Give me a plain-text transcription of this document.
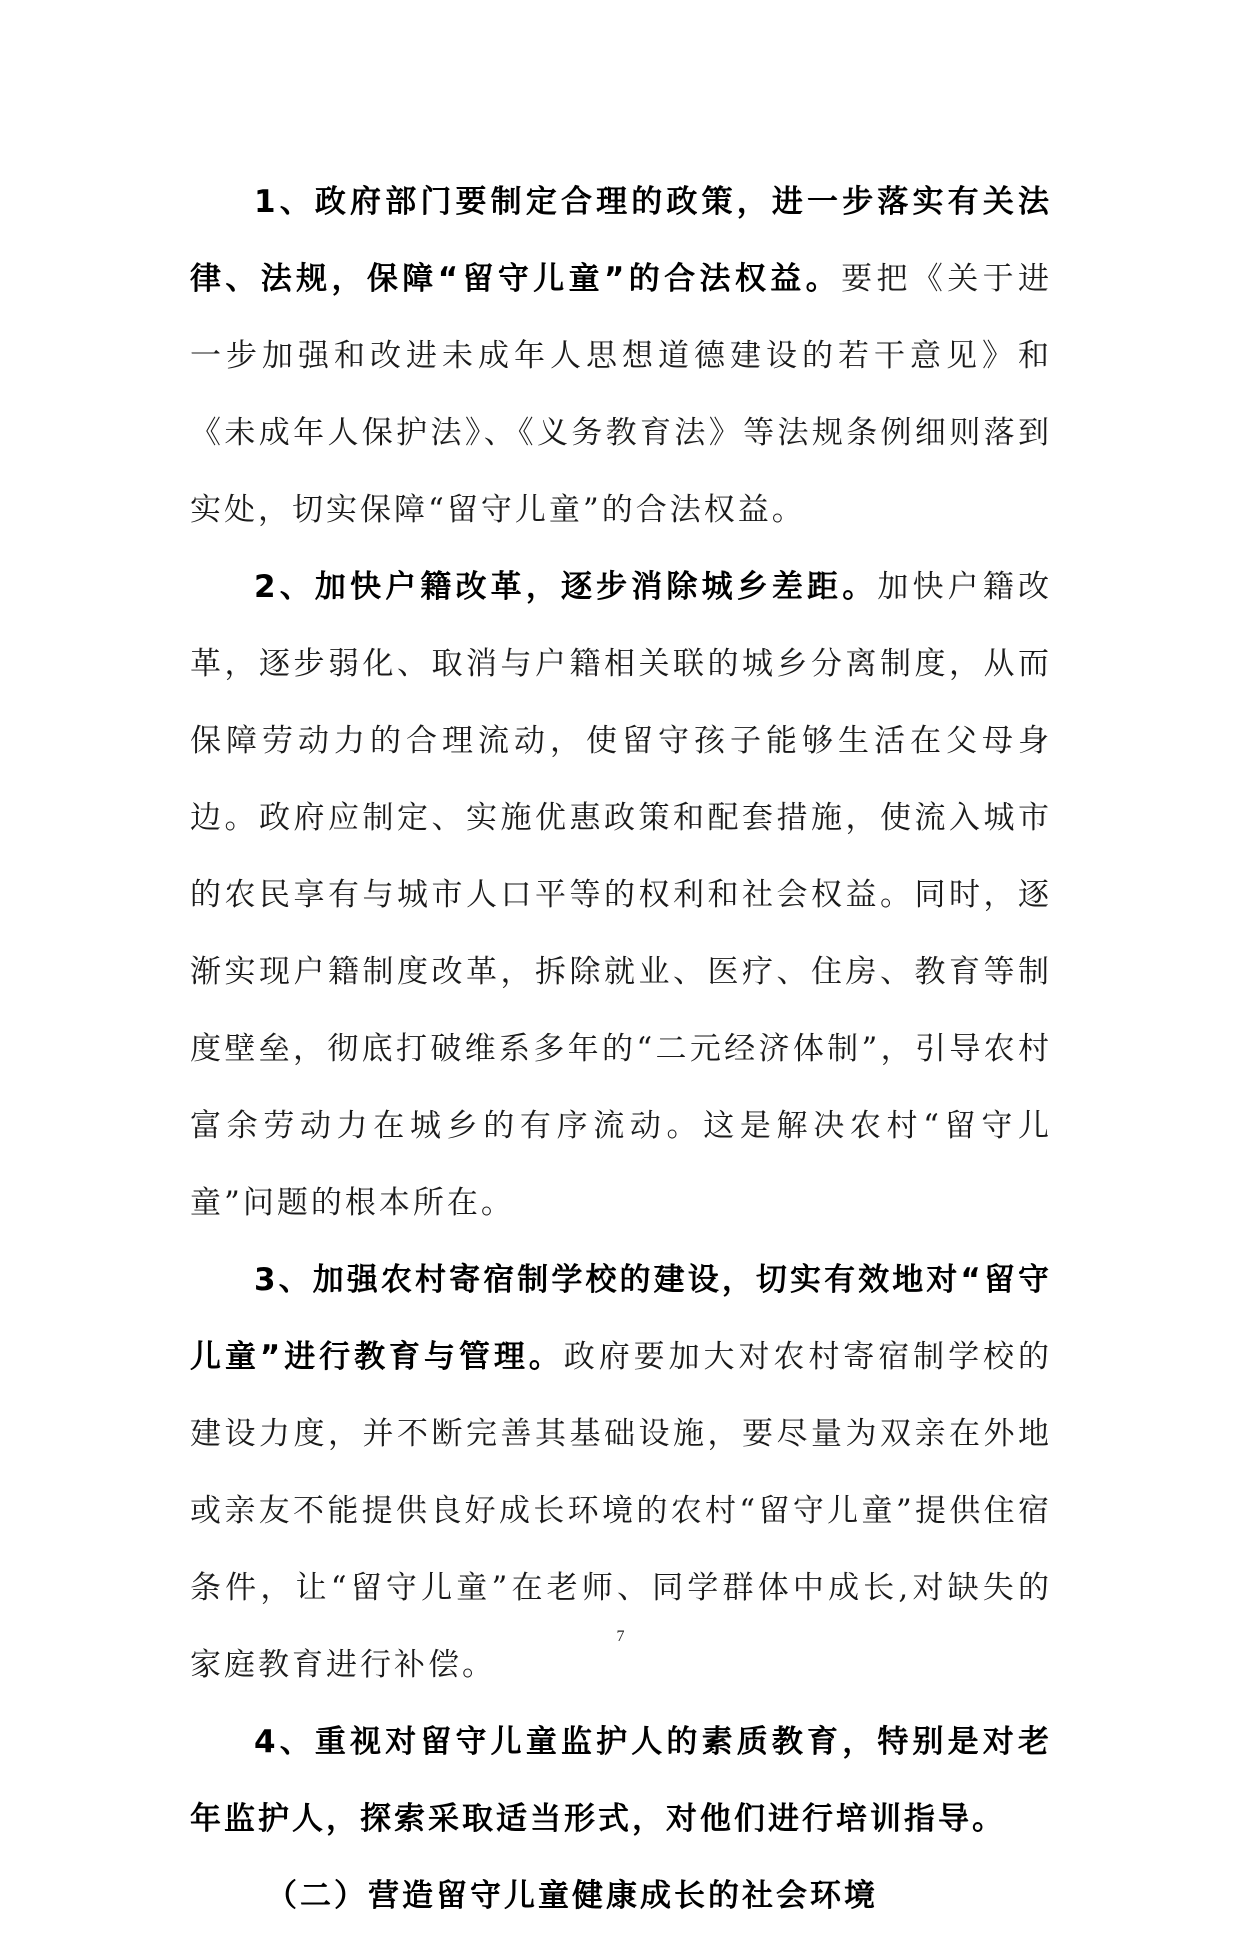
1、政府部门要制定合理的政策，进一步落实有关法律、法规，保障“留守儿童”的合法权益。要把《关于进一步加强和改进未成年人思想道德建设的若干意见》和《未成年人保护法》、《义务教育法》等法规条例细则落到实处，切实保障“留守儿童”的合法权益。

2、加快户籍改革，逐步消除城乡差距。加快户籍改革，逐步弱化、取消与户籍相关联的城乡分离制度，从而保障劳动力的合理流动，使留守孩子能够生活在父母身边。政府应制定、实施优惠政策和配套措施，使流入城市的农民享有与城市人口平等的权利和社会权益。同时，逐渐实现户籍制度改革，拆除就业、医疗、住房、教育等制度壁垒，彻底打破维系多年的“二元经济体制”，引导农村富余劳动力在城乡的有序流动。这是解决农村“留守儿童”问题的根本所在。

3、加强农村寄宿制学校的建设，切实有效地对“留守儿童”进行教育与管理。政府要加大对农村寄宿制学校的建设力度，并不断完善其基础设施，要尽量为双亲在外地或亲友不能提供良好成长环境的农村“留守儿童”提供住宿条件，让“留守儿童”在老师、同学群体中成长,对缺失的家庭教育进行补偿。

4、重视对留守儿童监护人的素质教育，特别是对老年监护人，探索采取适当形式，对他们进行培训指导。

（二）营造留守儿童健康成长的社会环境

7
